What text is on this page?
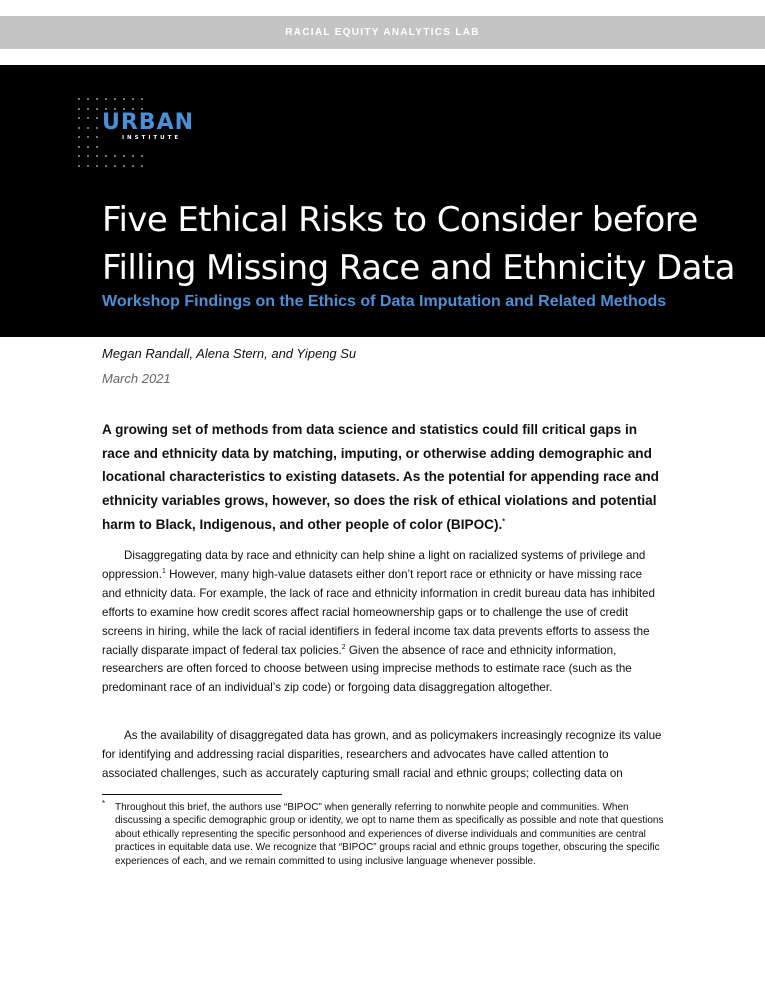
RACIAL EQUITY ANALYTICS LAB
URBAN
INSTITUTE
Five Ethical Risks to Consider before
Filling Missing Race and Ethnicity Data
Workshop Findings on the Ethics of Data Imputation and Related Methods
Megan Randall, Alena Stern, and Yipeng Su
March 2021

A growing set of methods from data science and statistics could fill critical gaps in race and ethnicity data by matching, imputing, or otherwise adding demographic and locational characteristics to existing datasets. As the potential for appending race and ethnicity variables grows, however, so does the risk of ethical violations and potential harm to Black, Indigenous, and other people of color (BIPOC).*

Disaggregating data by race and ethnicity can help shine a light on racialized systems of privilege and oppression.$^1$ However, many high-value datasets either don’t report race or ethnicity or have missing race and ethnicity data. For example, the lack of race and ethnicity information in credit bureau data has inhibited efforts to examine how credit scores affect racial homeownership gaps or to challenge the use of credit screens in hiring, while the lack of racial identifiers in federal income tax data prevents efforts to assess the racially disparate impact of federal tax policies.$^2$ Given the absence of race and ethnicity information, researchers are often forced to choose between using imprecise methods to estimate race (such as the predominant race of an individual’s zip code) or forgoing data disaggregation altogether.

As the availability of disaggregated data has grown, and as policymakers increasingly recognize its value for identifying and addressing racial disparities, researchers and advocates have called attention to associated challenges, such as accurately capturing small racial and ethnic groups; collecting data on

* Throughout this brief, the authors use “BIPOC” when generally referring to nonwhite people and communities. When discussing a specific demographic group or identity, we opt to name them as specifically as possible and note that questions about ethically representing the specific personhood and experiences of diverse individuals and communities are central practices in equitable data use. We recognize that “BIPOC” groups racial and ethnic groups together, obscuring the specific experiences of each, and we remain committed to using inclusive language whenever possible.
